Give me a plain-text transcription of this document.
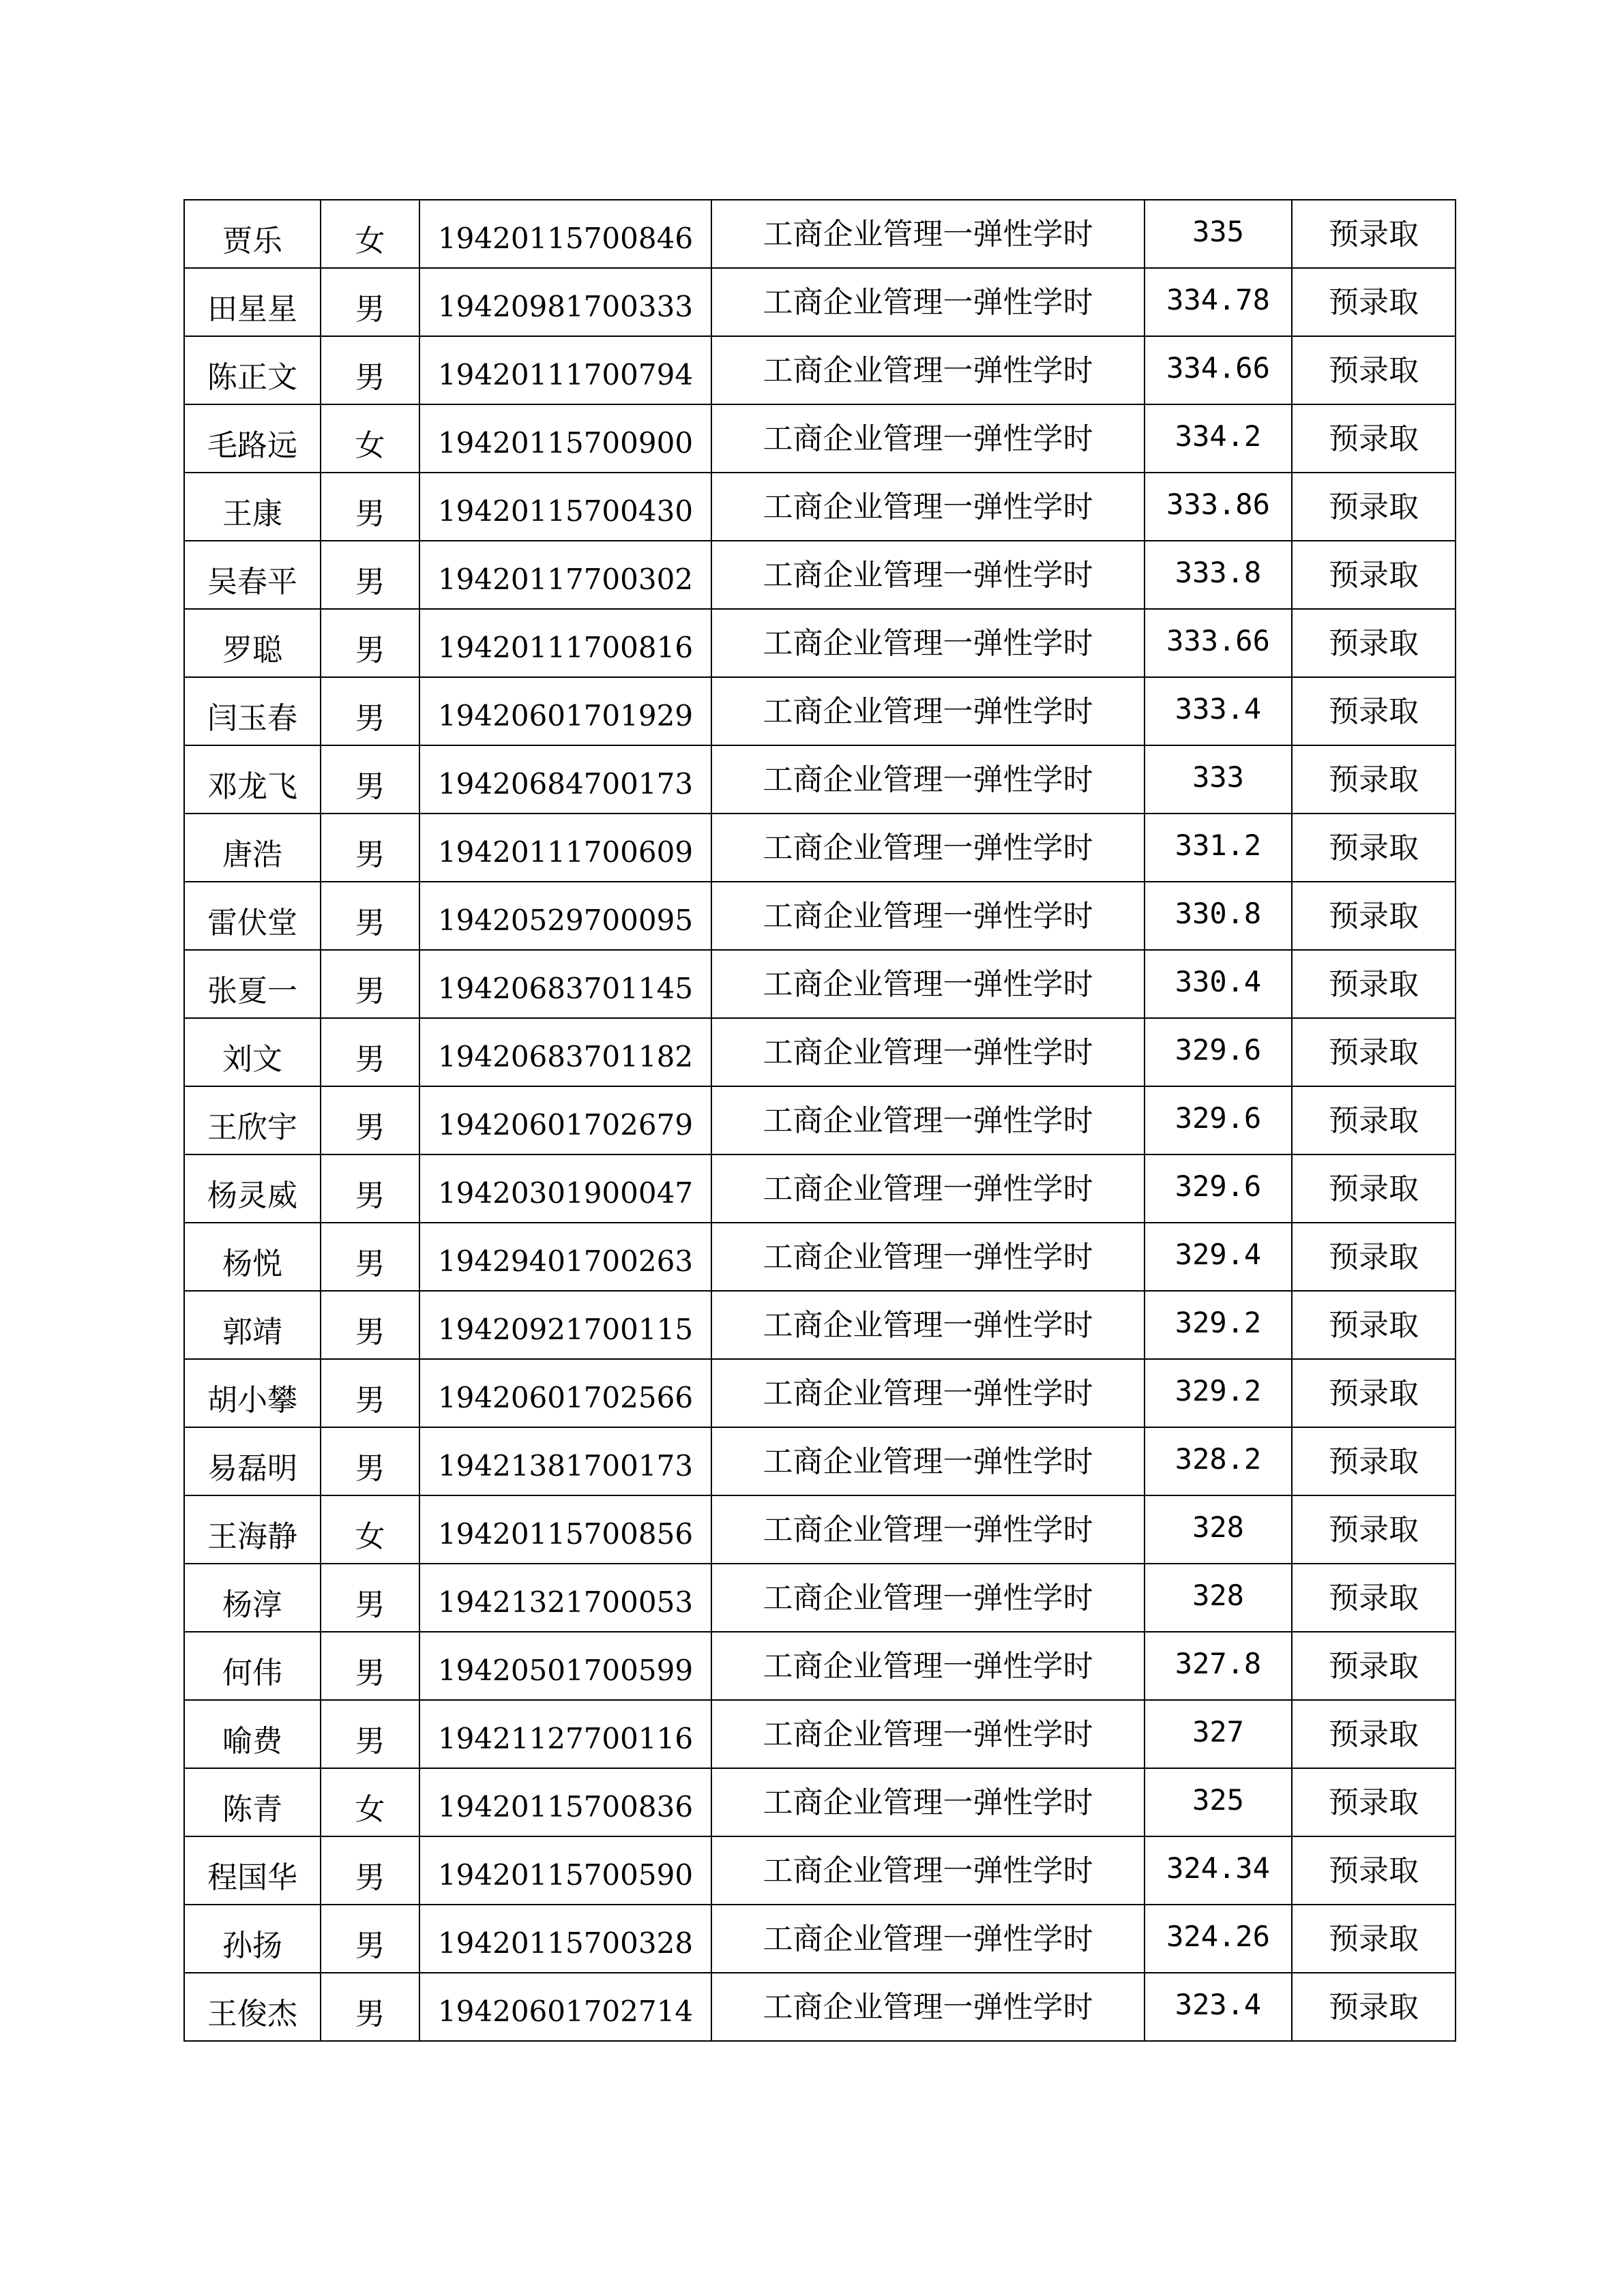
贾乐	女	19420115700846	工商企业管理一弹性学时	335	预录取
田星星	男	19420981700333	工商企业管理一弹性学时	334.78	预录取
陈正文	男	19420111700794	工商企业管理一弹性学时	334.66	预录取
毛路远	女	19420115700900	工商企业管理一弹性学时	334.2	预录取
王康	男	19420115700430	工商企业管理一弹性学时	333.86	预录取
吴春平	男	19420117700302	工商企业管理一弹性学时	333.8	预录取
罗聪	男	19420111700816	工商企业管理一弹性学时	333.66	预录取
闫玉春	男	19420601701929	工商企业管理一弹性学时	333.4	预录取
邓龙飞	男	19420684700173	工商企业管理一弹性学时	333	预录取
唐浩	男	19420111700609	工商企业管理一弹性学时	331.2	预录取
雷伏堂	男	19420529700095	工商企业管理一弹性学时	330.8	预录取
张夏一	男	19420683701145	工商企业管理一弹性学时	330.4	预录取
刘文	男	19420683701182	工商企业管理一弹性学时	329.6	预录取
王欣宇	男	19420601702679	工商企业管理一弹性学时	329.6	预录取
杨灵威	男	19420301900047	工商企业管理一弹性学时	329.6	预录取
杨悦	男	19429401700263	工商企业管理一弹性学时	329.4	预录取
郭靖	男	19420921700115	工商企业管理一弹性学时	329.2	预录取
胡小攀	男	19420601702566	工商企业管理一弹性学时	329.2	预录取
易磊明	男	19421381700173	工商企业管理一弹性学时	328.2	预录取
王海静	女	19420115700856	工商企业管理一弹性学时	328	预录取
杨淳	男	19421321700053	工商企业管理一弹性学时	328	预录取
何伟	男	19420501700599	工商企业管理一弹性学时	327.8	预录取
喻费	男	19421127700116	工商企业管理一弹性学时	327	预录取
陈青	女	19420115700836	工商企业管理一弹性学时	325	预录取
程国华	男	19420115700590	工商企业管理一弹性学时	324.34	预录取
孙扬	男	19420115700328	工商企业管理一弹性学时	324.26	预录取
王俊杰	男	19420601702714	工商企业管理一弹性学时	323.4	预录取
